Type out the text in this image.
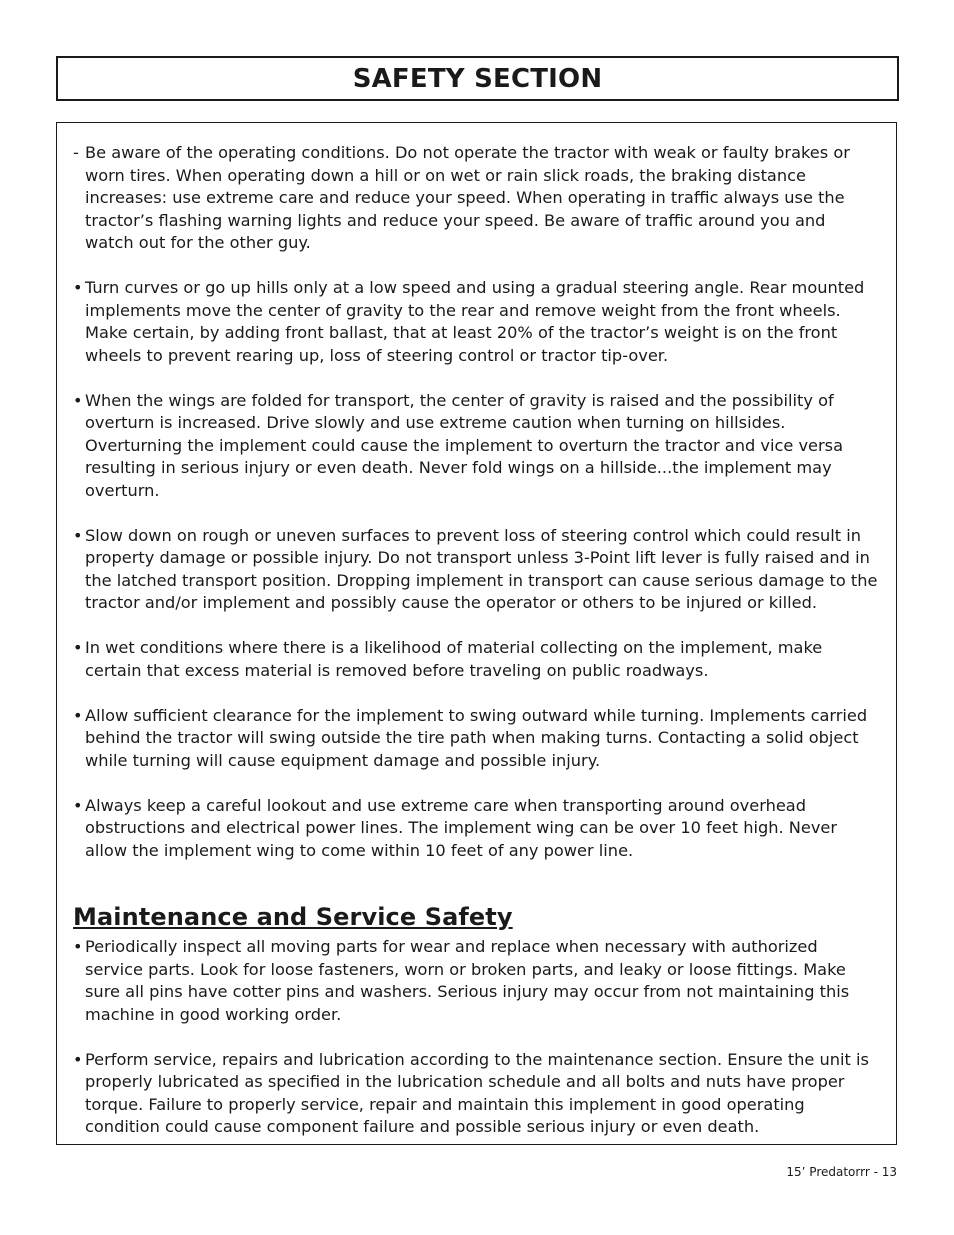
SAFETY SECTION
- Be aware of the operating conditions. Do not operate the tractor with weak or faulty brakes or worn tires. When operating down a hill or on wet or rain slick roads, the braking distance increases: use extreme care and reduce your speed. When operating in traffic always use the tractor’s flashing warning lights and reduce your speed. Be aware of traffic around you and watch out for the other guy.
• Turn curves or go up hills only at a low speed and using a gradual steering angle. Rear mounted implements move the center of gravity to the rear and remove weight from the front wheels. Make certain, by adding front ballast, that at least 20% of the tractor’s weight is on the front wheels to prevent rearing up, loss of steering control or tractor tip-over.
• When the wings are folded for transport, the center of gravity is raised and the possibility of overturn is increased. Drive slowly and use extreme caution when turning on hillsides. Overturning the implement could cause the implement to overturn the tractor and vice versa resulting in serious injury or even death. Never fold wings on a hillside...the implement may overturn.
• Slow down on rough or uneven surfaces to prevent loss of steering control which could result in property damage or possible injury. Do not transport unless 3-Point lift lever is fully raised and in the latched transport position. Dropping implement in transport can cause serious damage to the tractor and/or implement and possibly cause the operator or others to be injured or killed.
• In wet conditions where there is a likelihood of material collecting on the implement, make certain that excess material is removed before traveling on public roadways.
• Allow sufficient clearance for the implement to swing outward while turning. Implements carried behind the tractor will swing outside the tire path when making turns. Contacting a solid object while turning will cause equipment damage and possible injury.
• Always keep a careful lookout and use extreme care when transporting around overhead obstructions and electrical power lines. The implement wing can be over 10 feet high. Never allow the implement wing to come within 10 feet of any power line.
Maintenance and Service Safety
• Periodically inspect all moving parts for wear and replace when necessary with authorized service parts. Look for loose fasteners, worn or broken parts, and leaky or loose fittings. Make sure all pins have cotter pins and washers. Serious injury may occur from not maintaining this machine in good working order.
• Perform service, repairs and lubrication according to the maintenance section. Ensure the unit is properly lubricated as specified in the lubrication schedule and all bolts and nuts have proper torque. Failure to properly service, repair and maintain this implement in good operating condition could cause component failure and possible serious injury or even death.
15’ Predatorrr - 13
